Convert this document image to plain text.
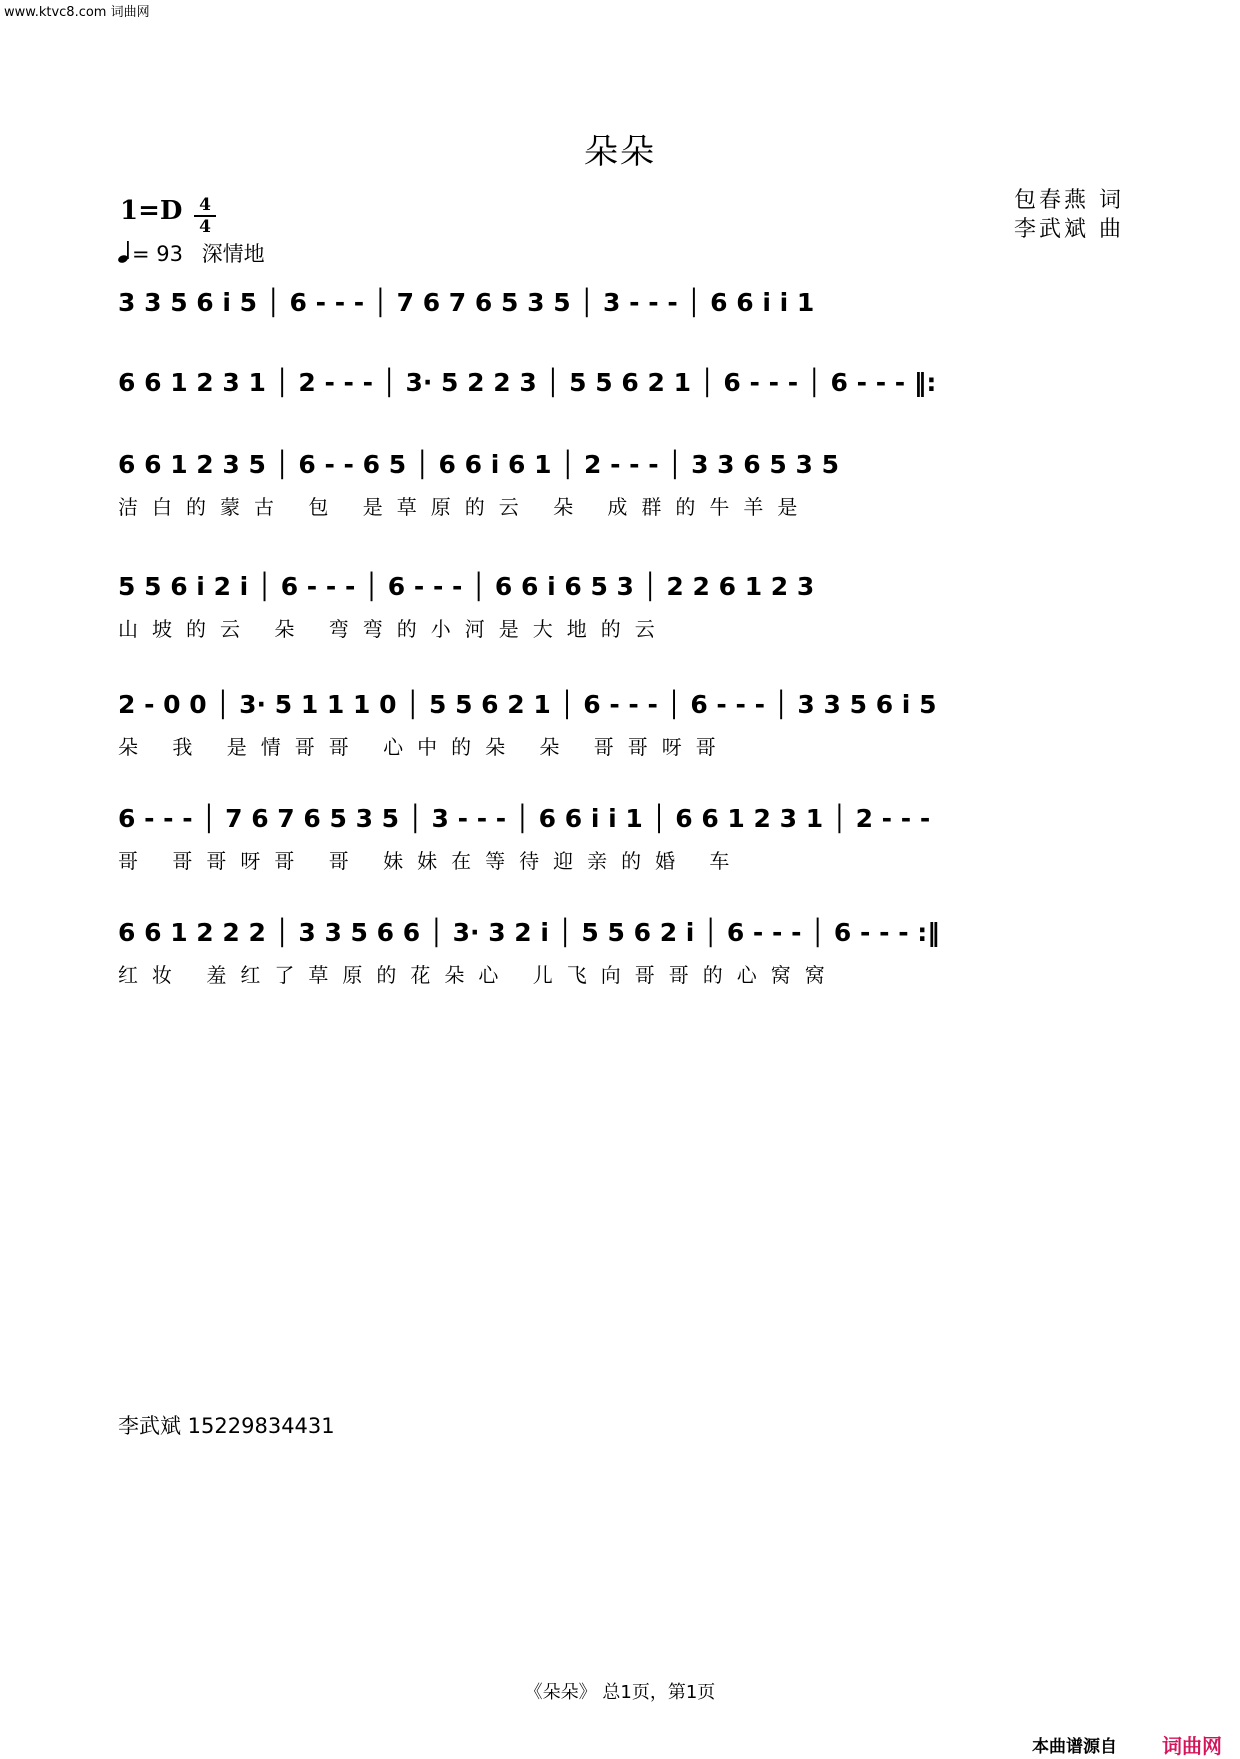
www.ktvc8.com 词曲网
朵朵
1=D 4
4
= 93 深情地
包春燕 词
李武斌 曲
3 3 5 6 i 5 │ 6 - - - │ 7 6 7 6 5 3 5 │ 3 - - - │ 6 6 i i 1
6 6 1 2 3 1 │ 2 - - - │ 3· 5 2 2 3 │ 5 5 6 2 1 │ 6 - - - │ 6 - - - ‖:
6 6 1 2 3 5 │ 6 - - 6 5 │ 6 6 i 6 1 │ 2 - - - │ 3 3 6 5 3 5
洁白的蒙古 包 是草原的云 朵 成群的牛羊是
5 5 6 i 2 i │ 6 - - - │ 6 - - - │ 6 6 i 6 5 3 │ 2 2 6 1 2 3
山坡的云 朵 弯弯的小河是大地的云
2 - 0 0 │ 3· 5 1 1 1 0 │ 5 5 6 2 1 │ 6 - - - │ 6 - - - │ 3 3 5 6 i 5
朵 我 是情哥哥 心中的朵 朵 哥哥呀哥
6 - - - │ 7 6 7 6 5 3 5 │ 3 - - - │ 6 6 i i 1 │ 6 6 1 2 3 1 │ 2 - - -
哥 哥哥呀哥 哥 妹妹在等待迎亲的婚 车
6 6 1 2 2 2 │ 3 3 5 6 6 │ 3· 3 2 i │ 5 5 6 2 i │ 6 - - - │ 6 - - - :‖
红妆 羞红了草原的花朵心 儿飞向哥哥的心窝窝
李武斌 15229834431
《朵朵》 总1页，第1页
本曲谱源自 词曲网
